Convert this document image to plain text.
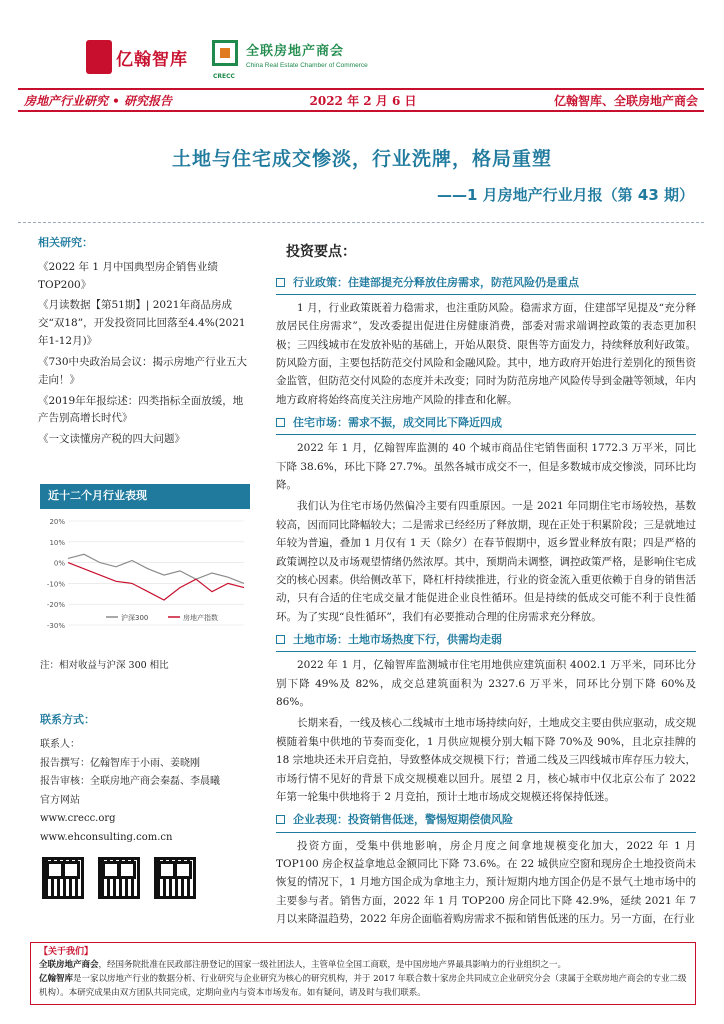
亿翰智库
CRECC
全联房地产商会
China Real Estate Chamber of Commerce
房地产行业研究 • 研究报告	2022 年 2 月 6 日	亿翰智库、全联房地产商会
土地与住宅成交惨淡，行业洗牌，格局重塑
——1 月房地产行业月报（第 43 期）
相关研究：
《2022 年 1 月中国典型房企销售业绩TOP200》
《月读数据【第51期】| 2021年商品房成交“双18”，开发投资同比回落至4.4%(2021年1-12月)》
《730中央政治局会议：揭示房地产行业五大走向！》
《2019年年报综述：四类指标全面放缓，地产告别高增长时代》
《一文读懂房产税的四大问题》
近十二个月行业表现
20%
10%
0%
-10%
-20%
-30%
沪深300	房地产指数
注：相对收益与沪深 300 相比
联系方式：
联系人：
报告撰写：亿翰智库于小雨、姜晓刚
报告审核：全联房地产商会秦磊、李晨曦
官方网站
www.crecc.org
www.ehconsulting.com.cn
投资要点：
行业政策：住建部提充分释放住房需求，防范风险仍是重点

1 月，行业政策既着力稳需求，也注重防风险。稳需求方面，住建部罕见提及“充分释放居民住房需求”，发改委提出促进住房健康消费，部委对需求端调控政策的表态更加积极；三四线城市在发放补贴的基础上，开始从限贷、限售等方面发力，持续释放利好政策。防风险方面，主要包括防范交付风险和金融风险。其中，地方政府开始进行差别化的预售资金监管，但防范交付风险的态度并未改变；同时为防范房地产风险传导到金融等领域，年内地方政府将始终高度关注房地产风险的排查和化解。

住宅市场：需求不振，成交同比下降近四成

2022 年 1 月，亿翰智库监测的 40 个城市商品住宅销售面积 1772.3 万平米，同比下降 38.6%，环比下降 27.7%。虽然各城市成交不一，但是多数城市成交惨淡，同环比均降。

我们认为住宅市场仍然偏冷主要有四重原因。一是 2021 年同期住宅市场较热，基数较高，因而同比降幅较大；二是需求已经经历了释放期，现在正处于积累阶段；三是就地过年较为普遍，叠加 1 月仅有 1 天（除夕）在春节假期中，返乡置业释放有限；四是严格的政策调控以及市场观望情绪仍然浓厚。其中，预期尚未调整，调控政策严格，是影响住宅成交的核心因素。供给侧改革下，降杠杆持续推进，行业的资金流入重更依赖于自身的销售活动，只有合适的住宅成交量才能促进企业良性循环。但是持续的低成交可能不利于良性循环。为了实现“良性循环”，我们有必要推动合理的住房需求充分释放。

土地市场：土地市场热度下行，供需均走弱

2022 年 1 月，亿翰智库监测城市住宅用地供应建筑面积 4002.1 万平米，同环比分别下降 49%及 82%，成交总建筑面积为 2327.6 万平米，同环比分别下降 60%及 86%。

长期来看，一线及核心二线城市土地市场持续向好，土地成交主要由供应驱动，成交规模随着集中供地的节奏而变化，1 月供应规模分别大幅下降 70%及 90%，且北京挂牌的 18 宗地块还未开启竞拍，导致整体成交规模下行；普通二线及三四线城市库存压力较大，市场行情不见好的背景下成交规模难以回升。展望 2 月，核心城市中仅北京公布了 2022 年第一轮集中供地将于 2 月竞拍，预计土地市场成交规模还将保持低迷。

企业表现：投资销售低迷，警惕短期偿债风险

投资方面，受集中供地影响，房企月度之间拿地规模变化加大，2022 年 1 月 TOP100 房企权益拿地总金额同比下降 73.6%。在 22 城供应空窗和现房企土地投资尚未恢复的情况下，1 月地方国企成为拿地主力，预计短期内地方国企仍是不景气土地市场中的主要参与者。销售方面，2022 年 1 月 TOP200 房企同比下降 42.9%，延续 2021 年 7 月以来降温趋势，2022 年房企面临着购房需求不振和销售低迷的压力。另一方面，在行业

【关于我们】
全联房地产商会，经国务院批准在民政部注册登记的国家一级社团法人，主管单位全国工商联，是中国房地产界最具影响力的行业组织之一。
亿翰智库是一家以房地产行业的数据分析、行业研究与企业研究为核心的研究机构，并于 2017 年联合数十家房企共同成立企业研究分会（隶属于全联房地产商会的专业二级机构）。本研究成果由双方团队共同完成，定期向业内与资本市场发布。如有疑问，请及时与我们联系。
